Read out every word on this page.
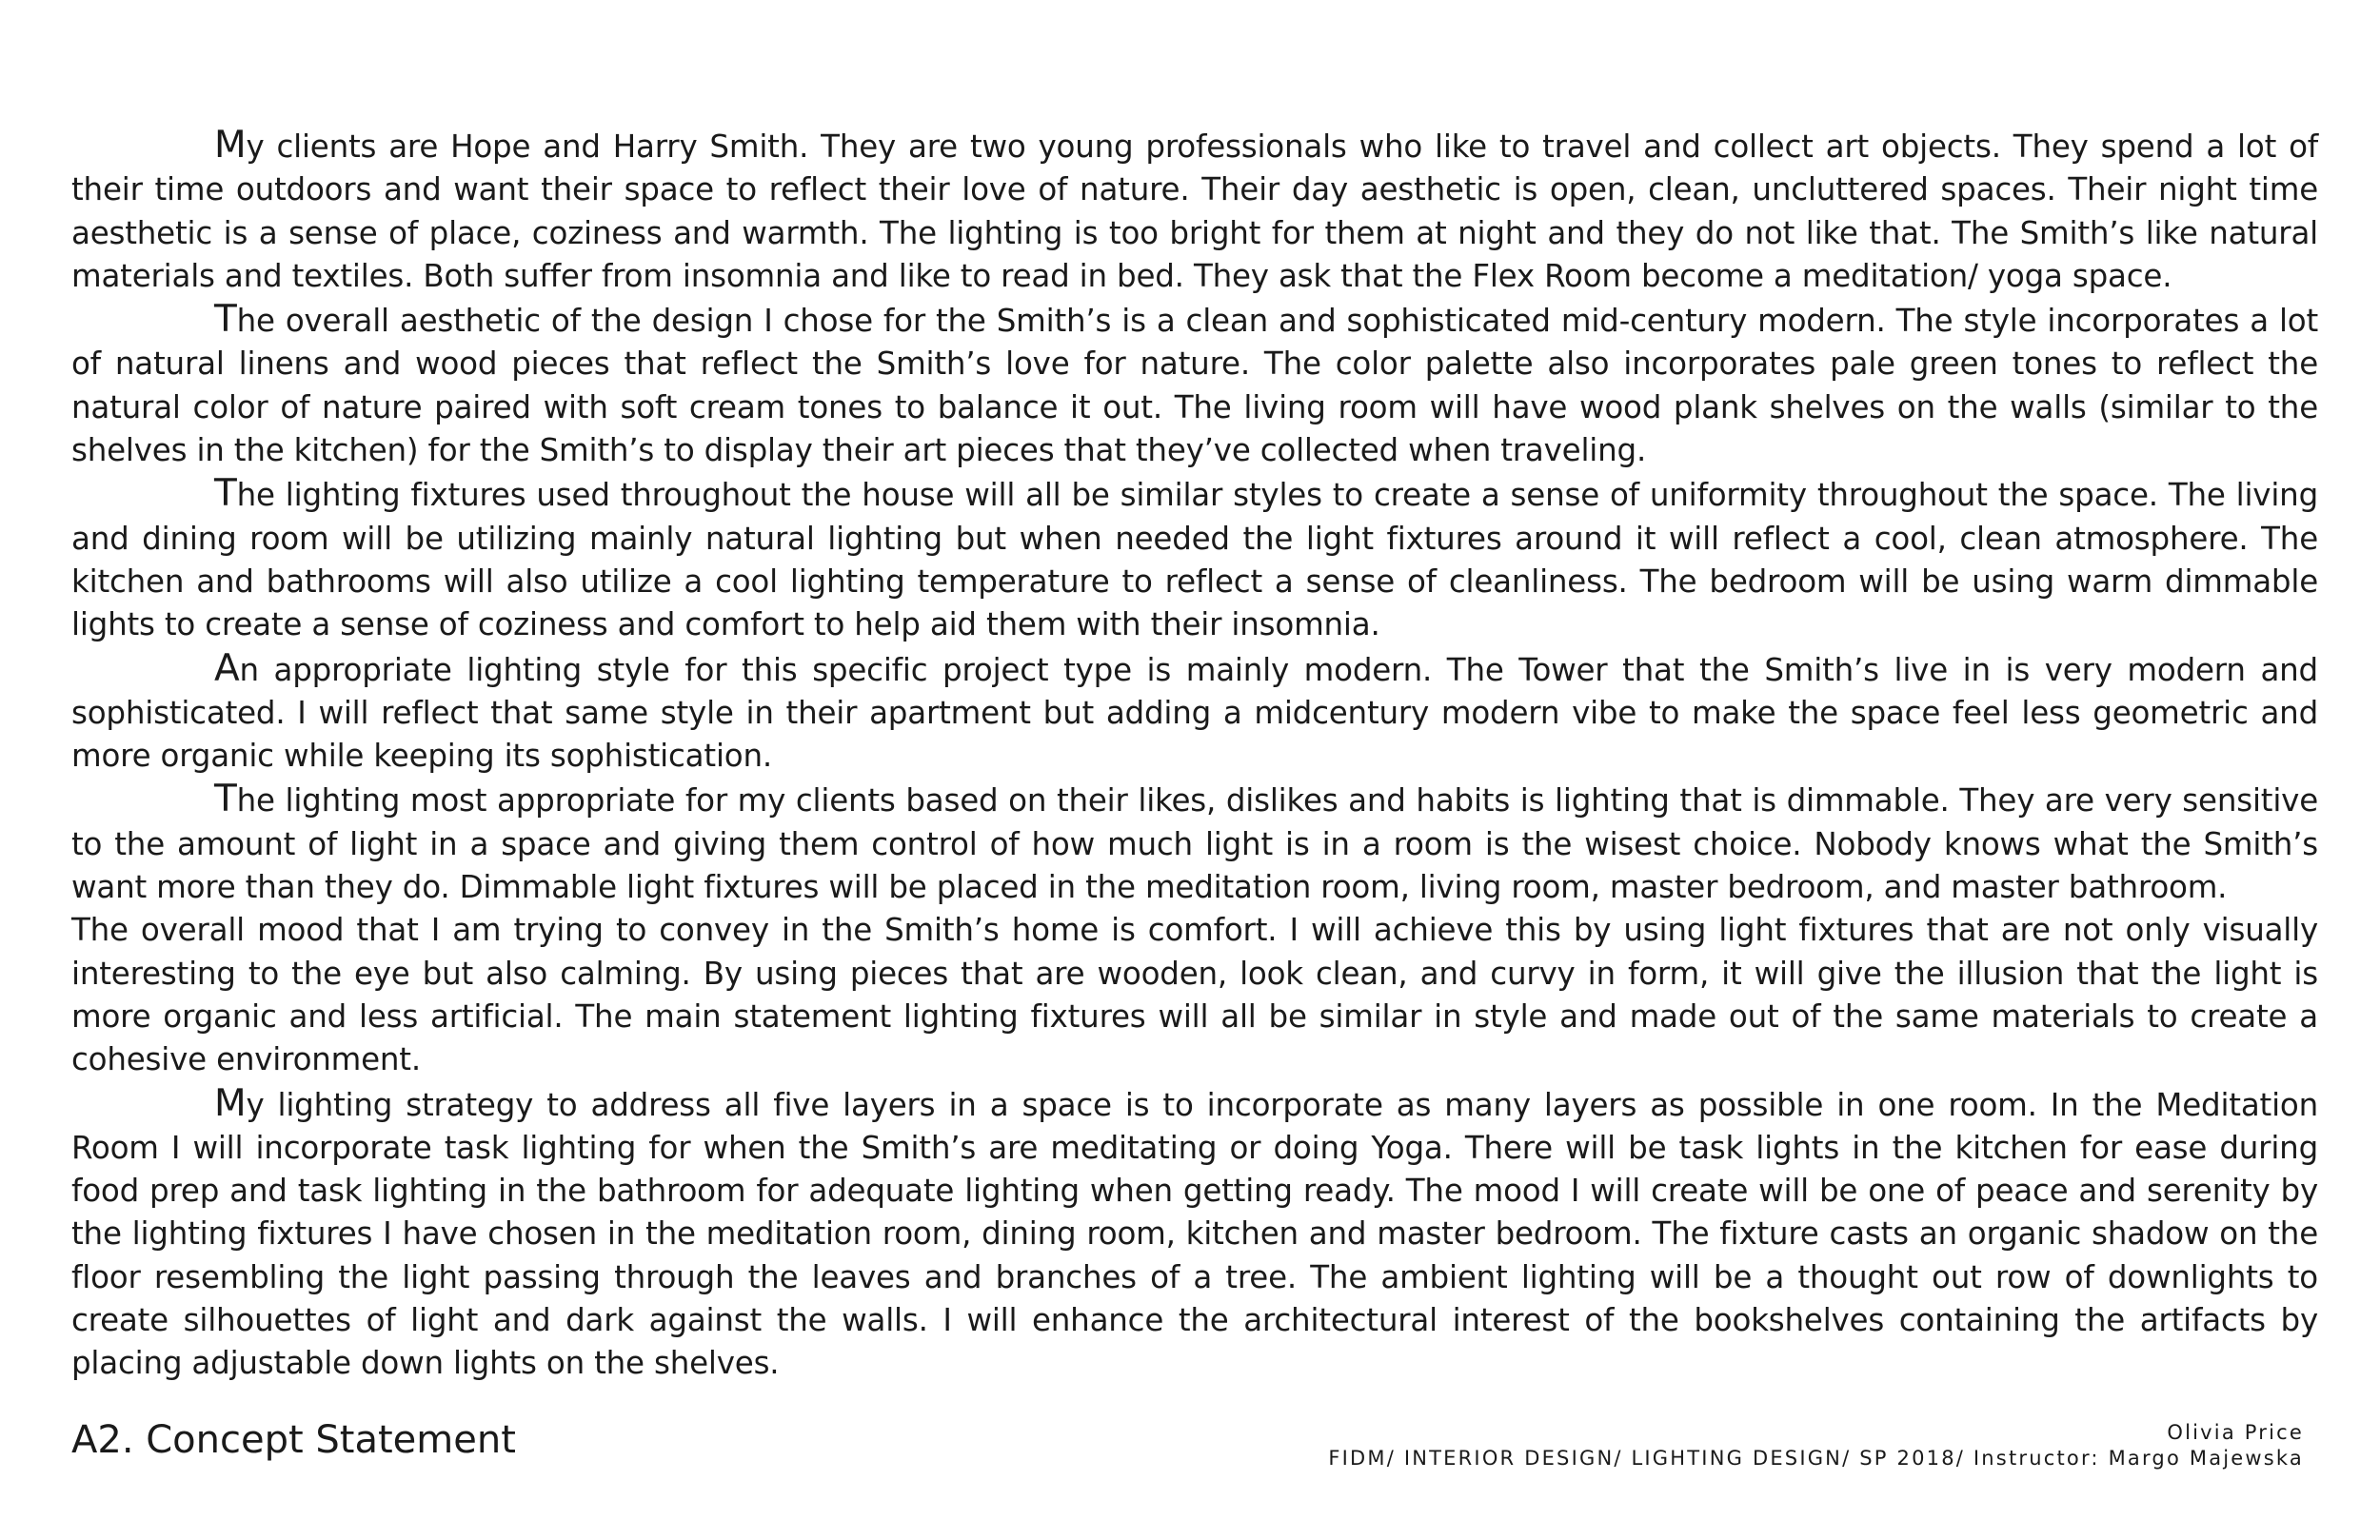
My clients are Hope and Harry Smith. They are two young professionals who like to travel and collect art objects. They spend a lot of their time outdoors and want their space to reflect their love of nature. Their day aesthetic is open, clean, uncluttered spaces. Their night time aesthetic is a sense of place, coziness and warmth. The lighting is too bright for them at night and they do not like that. The Smith’s like natural materials and textiles. Both suffer from insomnia and like to read in bed. They ask that the Flex Room become a meditation/ yoga space.

The overall aesthetic of the design I chose for the Smith’s is a clean and sophisticated mid-century modern. The style incorporates a lot of natural linens and wood pieces that reflect the Smith’s love for nature. The color palette also incorporates pale green tones to reflect the natural color of nature paired with soft cream tones to balance it out. The living room will have wood plank shelves on the walls (similar to the shelves in the kitchen) for the Smith’s to display their art pieces that they’ve collected when traveling.

The lighting fixtures used throughout the house will all be similar styles to create a sense of uniformity throughout the space. The living and dining room will be utilizing mainly natural lighting but when needed the light fixtures around it will reflect a cool, clean atmosphere. The kitchen and bathrooms will also utilize a cool lighting temperature to reflect a sense of cleanliness. The bedroom will be using warm dimmable lights to create a sense of coziness and comfort to help aid them with their insomnia.

An appropriate lighting style for this specific project type is mainly modern. The Tower that the Smith’s live in is very modern and sophisticated. I will reflect that same style in their apartment but adding a midcentury modern vibe to make the space feel less geometric and more organic while keeping its sophistication.

The lighting most appropriate for my clients based on their likes, dislikes and habits is lighting that is dimmable. They are very sensitive to the amount of light in a space and giving them control of how much light is in a room is the wisest choice. Nobody knows what the Smith’s want more than they do. Dimmable light fixtures will be placed in the meditation room, living room, master bedroom, and master bathroom.

The overall mood that I am trying to convey in the Smith’s home is comfort. I will achieve this by using light fixtures that are not only visually interesting to the eye but also calming. By using pieces that are wooden, look clean, and curvy in form, it will give the illusion that the light is more organic and less artificial. The main statement lighting fixtures will all be similar in style and made out of the same materials to create a cohesive environment.

My lighting strategy to address all five layers in a space is to incorporate as many layers as possible in one room. In the Meditation Room I will incorporate task lighting for when the Smith’s are meditating or doing Yoga. There will be task lights in the kitchen for ease during food prep and task lighting in the bathroom for adequate lighting when getting ready. The mood I will create will be one of peace and serenity by the lighting fixtures I have chosen in the meditation room, dining room, kitchen and master bedroom. The fixture casts an organic shadow on the floor resembling the light passing through the leaves and branches of a tree. The ambient lighting will be a thought out row of downlights to create silhouettes of light and dark against the walls. I will enhance the architectural interest of the bookshelves containing the artifacts by placing adjustable down lights on the shelves.

A2. Concept Statement	Olivia Price
FIDM/ INTERIOR DESIGN/ LIGHTING DESIGN/ SP 2018/ Instructor: Margo Majewska
